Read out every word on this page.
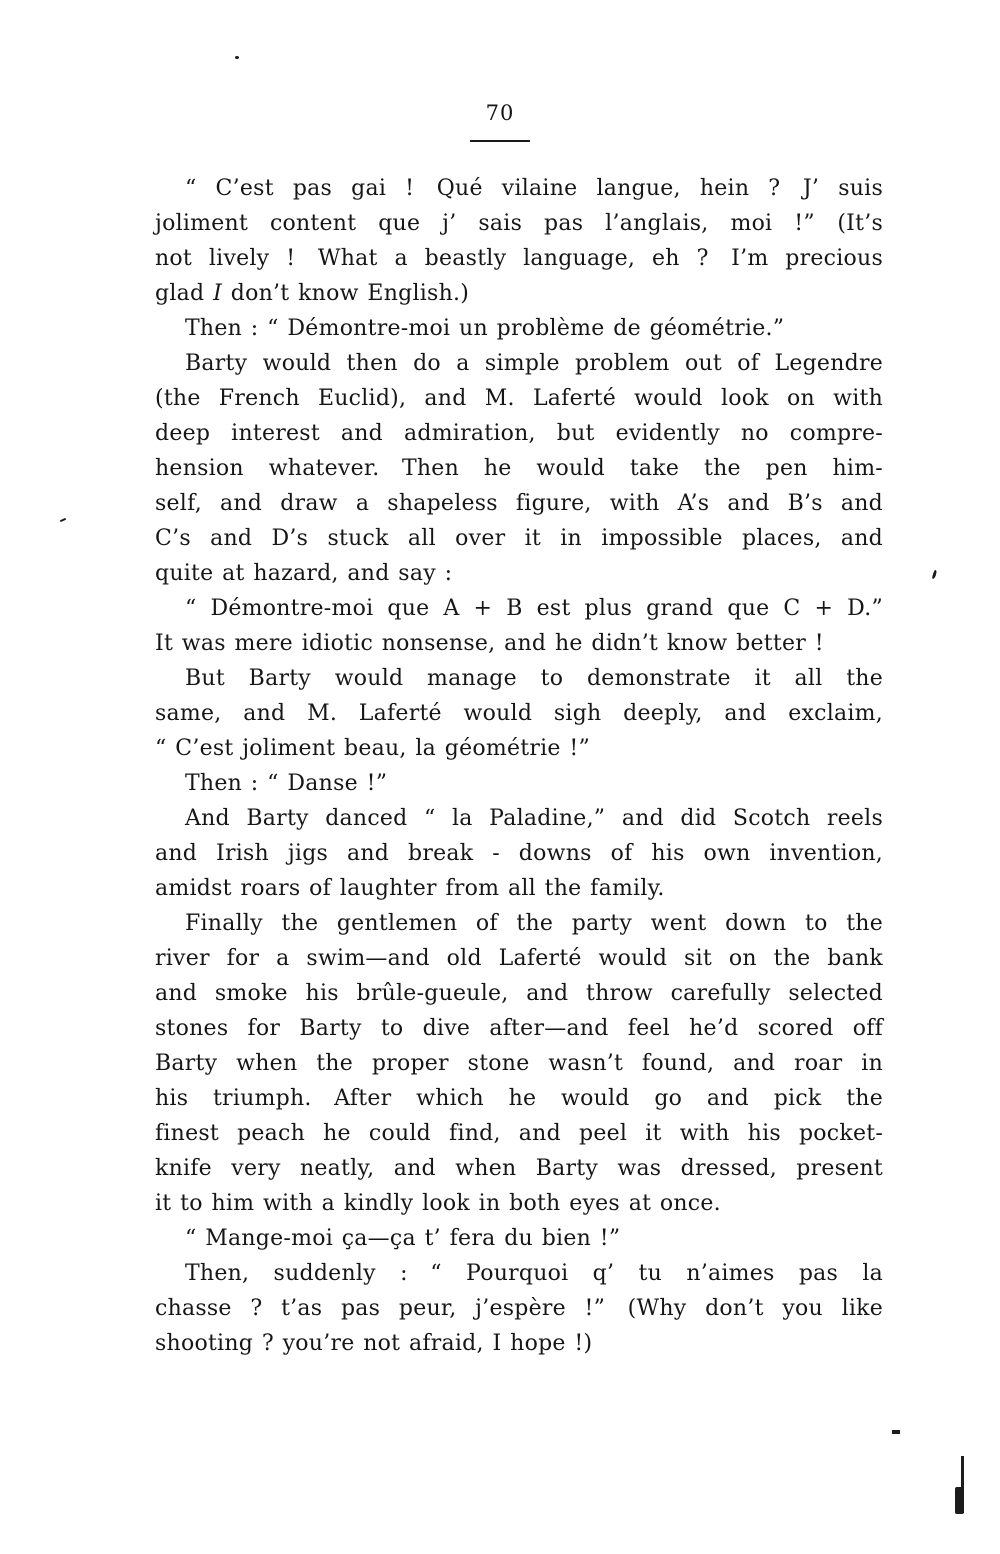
70
“ C’est pas gai !  Qué vilaine langue, hein ?  J’ suis
joliment content que j’ sais pas l’anglais, moi !”  (It’s
not lively !  What a beastly language, eh ?  I’m precious
glad I don’t know English.)
Then : “ Démontre-moi un problème de géométrie.”
Barty would then do a simple problem out of Legendre
(the French Euclid), and M. Laferté would look on with
deep interest and admiration, but evidently no compre-
hension whatever.  Then he would take the pen him-
self, and draw a shapeless figure, with A’s and B’s and
C’s and D’s stuck all over it in impossible places, and
quite at hazard, and say :
“ Démontre-moi que A + B est plus grand que C + D.”
It was mere idiotic nonsense, and he didn’t know better !
But Barty would manage to demonstrate it all the
same, and M. Laferté would sigh deeply, and exclaim,
“ C’est joliment beau, la géométrie !”
Then : “ Danse !”
And Barty danced “ la Paladine,” and did Scotch reels
and Irish jigs and break - downs of his own invention,
amidst roars of laughter from all the family.
Finally the gentlemen of the party went down to the
river for a swim—and old Laferté would sit on the bank
and smoke his brûle-gueule, and throw carefully selected
stones for Barty to dive after—and feel he’d scored off
Barty when the proper stone wasn’t found, and roar in
his triumph.  After which he would go and pick the
finest peach he could find, and peel it with his pocket-
knife very neatly, and when Barty was dressed, present
it to him with a kindly look in both eyes at once.
“ Mange-moi ça—ça t’ fera du bien !”
Then, suddenly :  “ Pourquoi q’ tu n’aimes pas la
chasse ? t’as pas peur, j’espère !”  (Why don’t you like
shooting ? you’re not afraid, I hope !)
